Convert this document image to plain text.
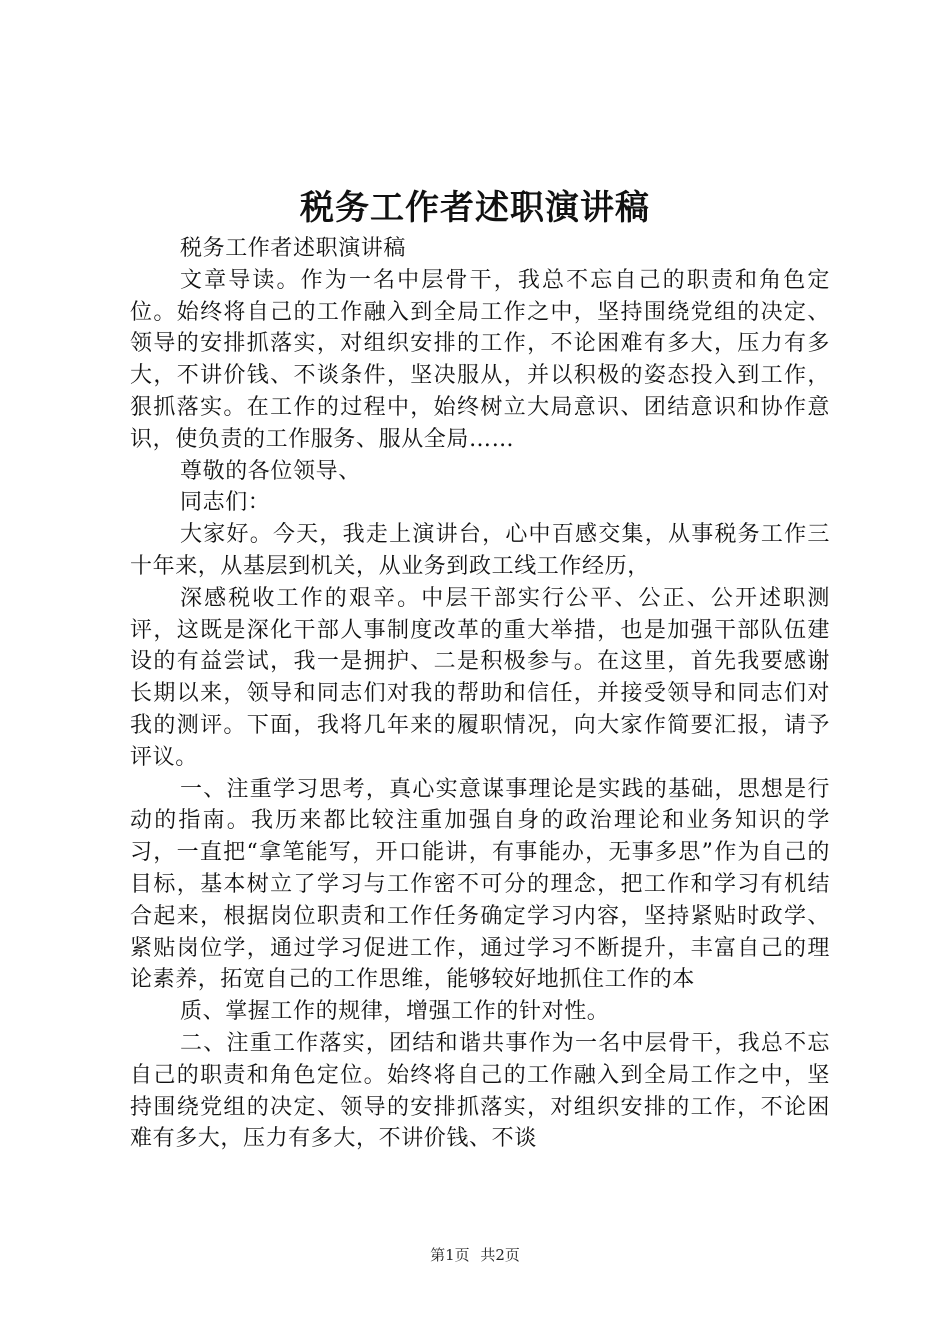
税务工作者述职演讲稿

税务工作者述职演讲稿

文章导读。作为一名中层骨干，我总不忘自己的职责和角色定位。始终将自己的工作融入到全局工作之中，坚持围绕党组的决定、领导的安排抓落实，对组织安排的工作，不论困难有多大，压力有多大，不讲价钱、不谈条件，坚决服从，并以积极的姿态投入到工作，狠抓落实。在工作的过程中，始终树立大局意识、团结意识和协作意识，使负责的工作服务、服从全局……

尊敬的各位领导、

同志们：

大家好。今天，我走上演讲台，心中百感交集，从事税务工作三十年来，从基层到机关，从业务到政工线工作经历，

深感税收工作的艰辛。中层干部实行公平、公正、公开述职测评，这既是深化干部人事制度改革的重大举措，也是加强干部队伍建设的有益尝试，我一是拥护、二是积极参与。在这里，首先我要感谢长期以来，领导和同志们对我的帮助和信任，并接受领导和同志们对我的测评。下面，我将几年来的履职情况，向大家作简要汇报，请予评议。

一、注重学习思考，真心实意谋事理论是实践的基础，思想是行动的指南。我历来都比较注重加强自身的政治理论和业务知识的学习，一直把“拿笔能写，开口能讲，有事能办，无事多思”作为自己的目标，基本树立了学习与工作密不可分的理念，把工作和学习有机结合起来，根据岗位职责和工作任务确定学习内容，坚持紧贴时政学、紧贴岗位学，通过学习促进工作，通过学习不断提升，丰富自己的理论素养，拓宽自己的工作思维，能够较好地抓住工作的本

质、掌握工作的规律，增强工作的针对性。

二、注重工作落实，团结和谐共事作为一名中层骨干，我总不忘自己的职责和角色定位。始终将自己的工作融入到全局工作之中，坚持围绕党组的决定、领导的安排抓落实，对组织安排的工作，不论困难有多大，压力有多大，不讲价钱、不谈

第1页 共2页
